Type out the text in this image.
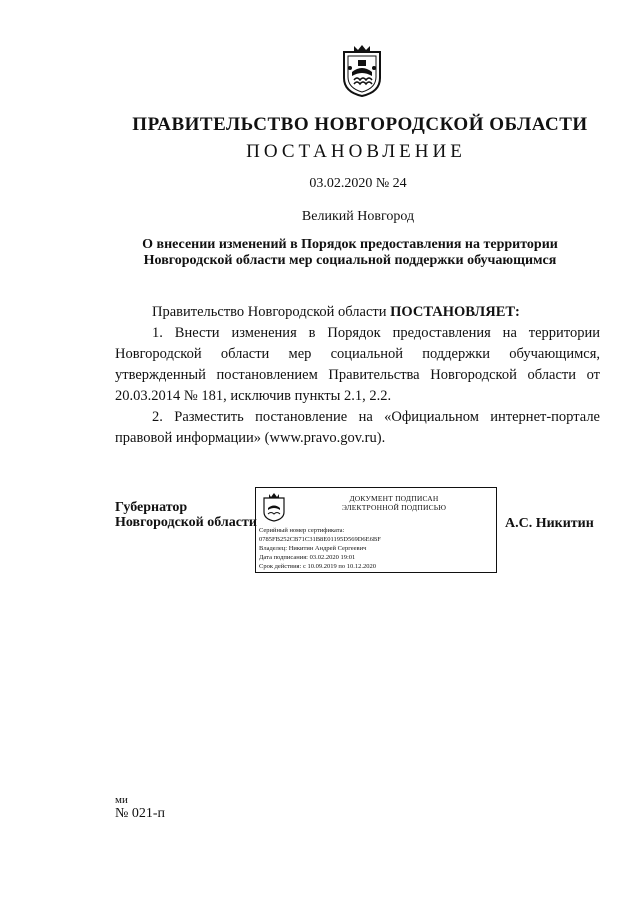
ПРАВИТЕЛЬСТВО НОВГОРОДСКОЙ ОБЛАСТИ
ПОСТАНОВЛЕНИЕ
03.02.2020 № 24
Великий Новгород
О внесении изменений в Порядок предоставления на территории Новгородской области мер социальной поддержки обучающимся

Правительство Новгородской области ПОСТАНОВЛЯЕТ:

1. Внести изменения в Порядок предоставления на территории Новгородской области мер социальной поддержки обучающимся, утвержденный постановлением Правительства Новгородской области от 20.03.2014 № 181, исключив пункты 2.1, 2.2.

2. Разместить постановление на «Официальном интернет-портале правовой информации» (www.pravo.gov.ru).

Губернатор
Новгородской области
ДОКУМЕНТ ПОДПИСАН
ЭЛЕКТРОННОЙ ПОДПИСЬЮ
Серийный номер сертификата:
0785FB252CB71C31B8E01195D569D6E6BF
Владелец: Никитин Андрей Сергеевич
Дата подписания: 03.02.2020 19:01
Срок действия: с 10.09.2019 по 10.12.2020
А.С. Никитин
ми
№ 021-п
